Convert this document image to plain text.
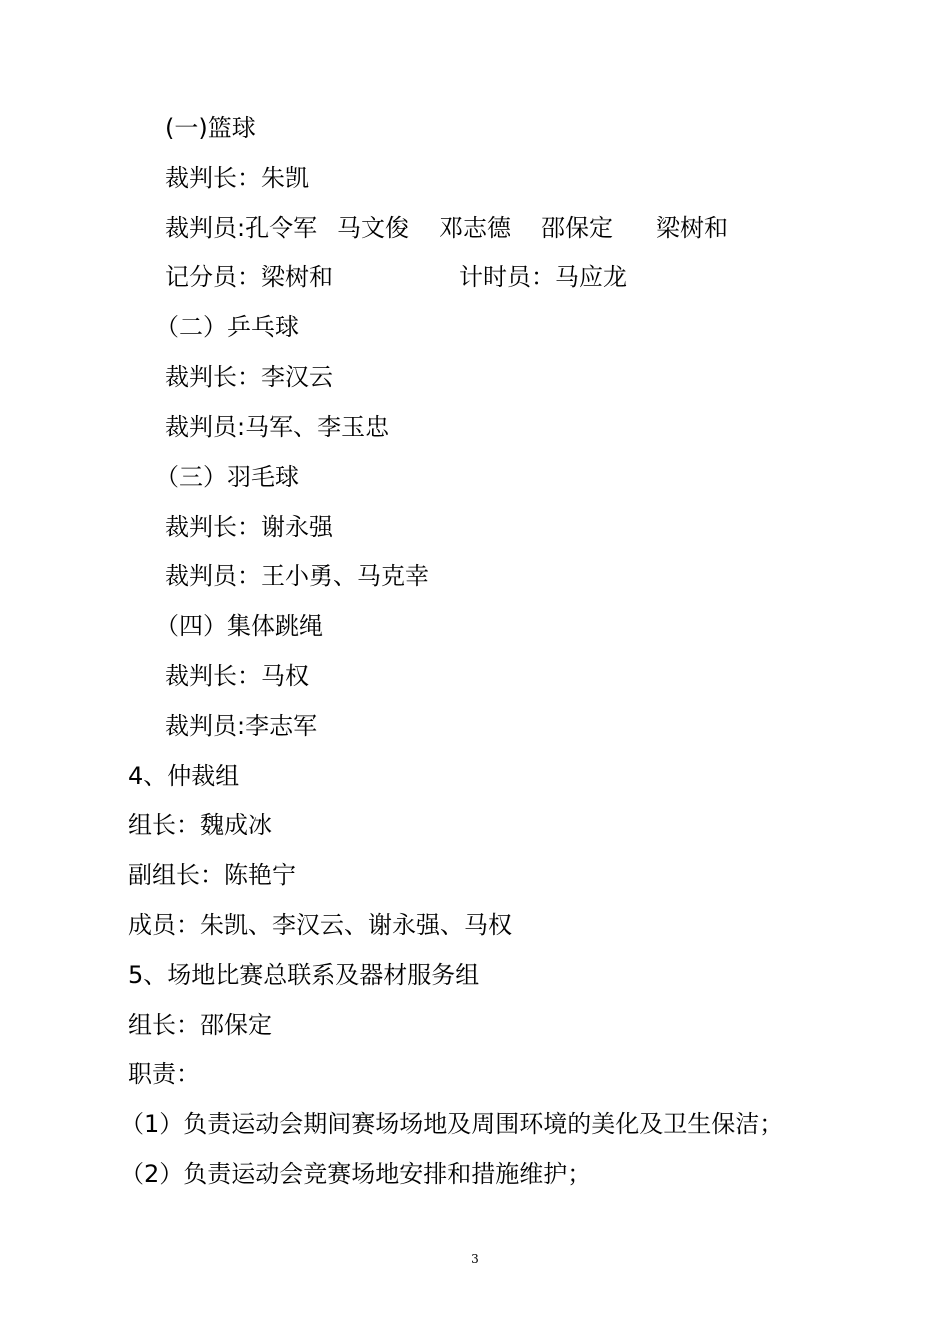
(一)篮球
裁判长：朱凯

裁判员:孔令军

马文俊

邓志德

邵保定

梁树和

记分员：梁树和

	计时员：马应龙

（二）乒乓球
裁判长：李汉云
裁判员:马军、李玉忠
（三）羽毛球
裁判长：谢永强
裁判员：王小勇、马克幸
（四）集体跳绳
裁判长：马权
裁判员:李志军
4、仲裁组
组长：魏成冰
副组长：陈艳宁
成员：朱凯、李汉云、谢永强、马权
5、场地比赛总联系及器材服务组
组长：邵保定
职责：
（1）负责运动会期间赛场场地及周围环境的美化及卫生保洁；
（2）负责运动会竞赛场地安排和措施维护；
3
